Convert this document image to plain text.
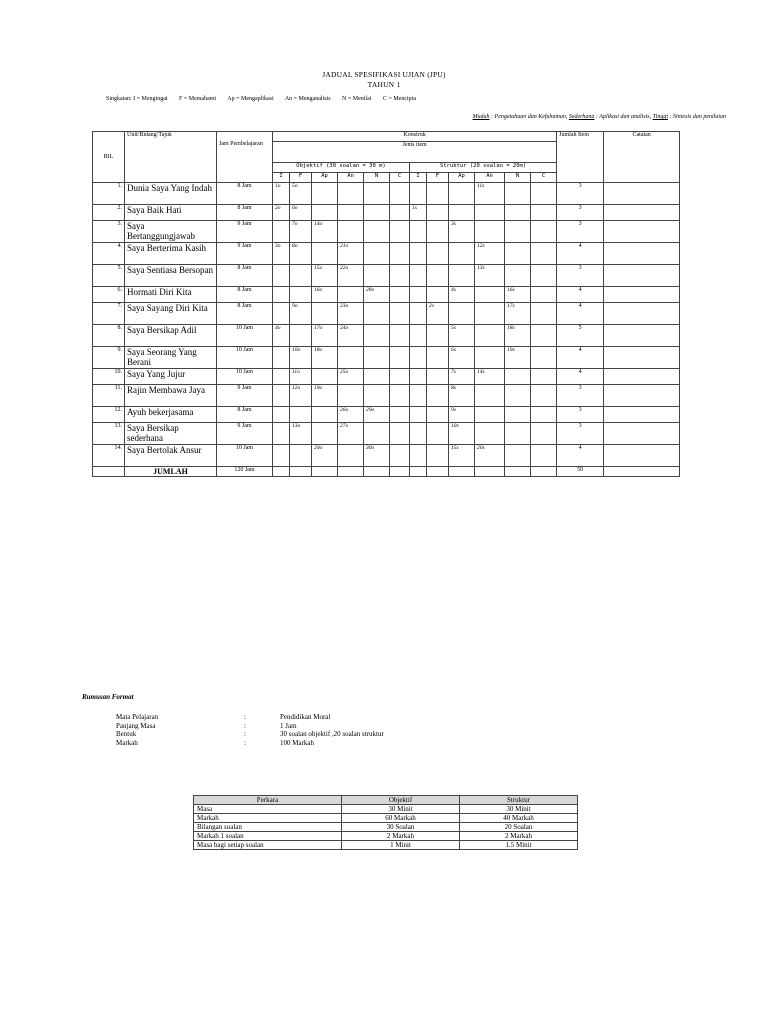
JADUAL SPESIFIKASI UJIAN (JPU)
TAHUN 1
Singkatan: I = Mengingat F = Memahami Ap = Mengaplikasi An = Menganalisis N = Menilai C = Mencipta
Mudah : Pengetahuan dan Kefahaman, Sederhana : Aplikasi dan analisis, Tinggi : Sintesis dan penilaian
BIL	Unit/Bidang/Tajuk	Jam Pembelajaran	Konstruk												Jumlah Item	Catatan
			Jenis item													
			Objektif (30 soalan = 30 m)						Struktur (20 soalan = 20m)							
			I	F	Ap	An	N	C	I	F	Ap	An	N	C		
1.	Dunia Saya Yang Indah	8 Jam	1o	5o								11s			3	
2.	Saya Baik Hati	8 Jam	2o	6o					1s						3	
3.	Saya Bertanggungjawab	9 Jam		7o	14o						3s				3	
4.	Saya Berterima Kasih	9 Jam	3o	8o		21o						12s			4	
5.	Saya Sentiasa Bersopan	8 Jam			15o	22o						13s			3	
6.	Hormati Diri Kita	8 Jam			16o		28o				4s		16s		4	
7.	Saya Sayang Diri Kita	8 Jam		9o		23o				2s			17s		4	
8.	Saya Bersikap Adil	10 Jam	4o		17o	24o					5s		18s		5	
9.	Saya Seorang Yang Berani	10 Jam		10o	18o						6s		19s		4	
10.	Saya Yang Jujur	10 Jam		11o		25o					7s	14s			4	
11.	Rajin Membawa Jaya	9 Jam		12o	19o						8s				3	
12.	Ayuh bekerjasama	8 Jam				26o	29o				9s				3	
13.	Saya Bersikap sederhana	9 Jam		13o		27o					10s				3	
14.	Saya Bertolak Ansur	10 Jam			20o		30o				15s	20s			4	
	JUMLAH	120 Jam													50	
Rumusan Format
Mata Pelajaran	:	Pendidikan Moral
Panjang Masa	:	1 Jam
Bentuk	:	30 soalan objektif ,20 soalan struktur
Markah	:	100 Markah
Perkara	Objektif	Struktur
Masa	30 Minit	30 Minit
Markah	60 Markah	40 Markah
Bilangan soalan	30 Soalan	20 Soalan
Markah 1 soalan	2 Markah	2 Markah
Masa bagi setiap soalan	1 Minit	1.5 Minit
